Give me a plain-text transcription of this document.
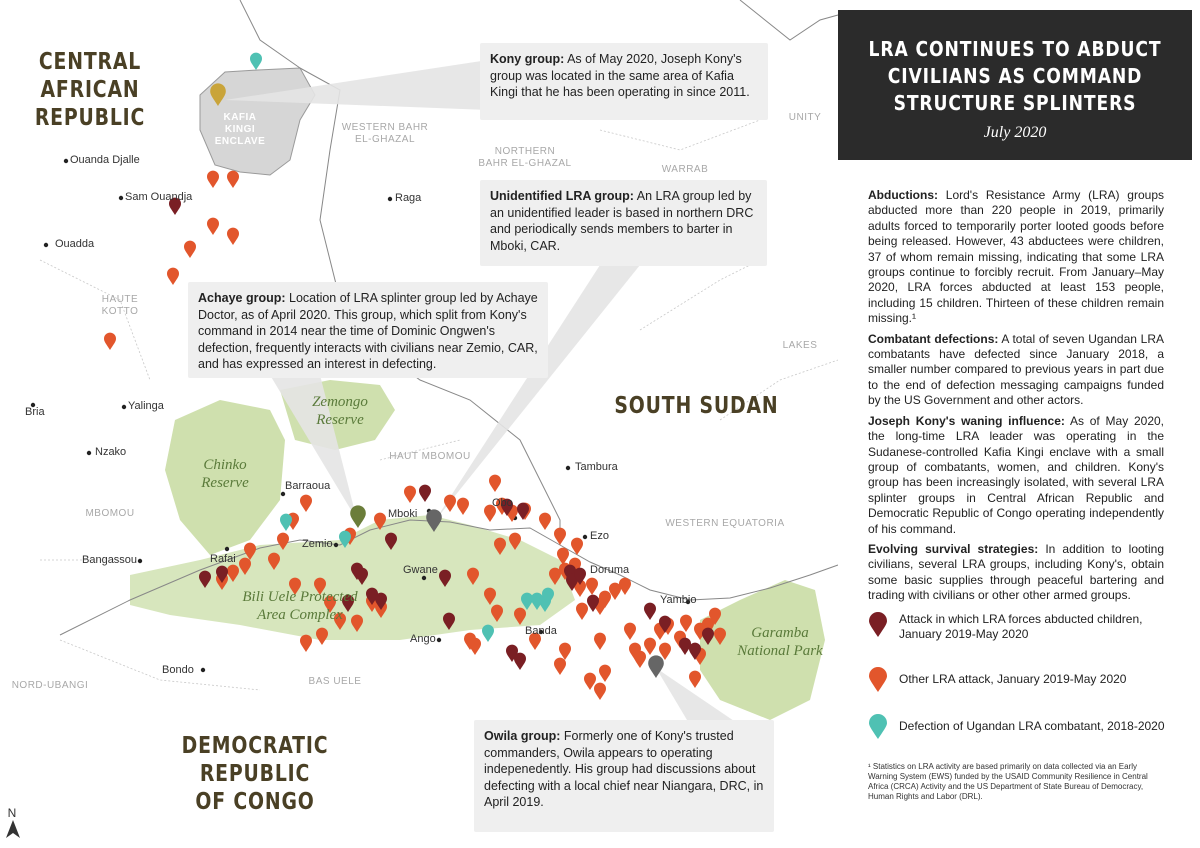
CENTRAL AFRICAN
REPUBLIC
SOUTH SUDAN
DEMOCRATIC REPUBLIC
OF CONGO
KAFIA
KINGI
ENCLAVE
WESTERN BAHR
EL-GHAZAL
NORTHERN
BAHR EL-GHAZAL
WARRAB
UNITY
LAKES
HAUTE
KOTTO
HAUT MBOMOU
MBOMOU
WESTERN EQUATORIA
BAS UELE
NORD-UBANGI
Zemongo
Reserve
Chinko
Reserve
Bili Uele Protected
Area Complex
Garamba
National Park
Ouanda Djalle
Sam Ouandja
Ouadda
Raga
Bria	Yalinga
Nzako
Barraoua
Mboki
Obo
Tambura
Ezo
Zemio
Rafai
Bangassou
Gwane	Doruma
Yambio
Banda
Ango
Bondo
Kony group: As of May 2020, Joseph Kony's group was located in the same area of Kafia Kingi that he has been operating in since 2011.
Unidentified LRA group: An LRA group led by an unidentified leader is based in northern DRC and periodically sends members to barter in Mboki, CAR.
Achaye group: Location of LRA splinter group led by Achaye Doctor, as of April 2020. This group, which split from Kony's command in 2014 near the time of Dominic Ongwen's defection, frequently interacts with civilians near Zemio, CAR, and has expressed an interest in defecting.
Owila group: Formerly one of Kony's trusted commanders, Owila appears to operating indepenedently. His group had discussions about defecting with a local chief near Niangara, DRC, in April 2019.
N
LRA CONTINUES TO ABDUCT
CIVILIANS AS COMMAND
STRUCTURE SPLINTERS
July 2020

Abductions: Lord's Resistance Army (LRA) groups abducted more than 220 people in 2019, primarily adults forced to temporarily porter looted goods before being released. However, 43 abductees were children, 37 of whom remain missing, indicating that some LRA groups continue to forcibly recruit. From January–May 2020, LRA forces abducted at least 153 people, including 15 children. Thirteen of these children remain missing.¹

Combatant defections: A total of seven Ugandan LRA combatants have defected since January 2018, a smaller number compared to previous years in part due to the end of defection messaging campaigns funded by the US Government and other actors.

Joseph Kony's waning influence: As of May 2020, the long-time LRA leader was operating in the Sudanese-controlled Kafia Kingi enclave with a small group of combatants, women, and children. Kony's group has been increasingly isolated, with several LRA splinter groups in Central African Republic and Democratic Republic of Congo operating independently of his command.

Evolving survival strategies: In addition to looting civilians, several LRA groups, including Kony's, obtain some basic supplies through peaceful bartering and trading with civilians or other other armed groups.

Attack in which LRA forces abducted children, January 2019-May 2020
Other LRA attack, January 2019-May 2020
Defection of Ugandan LRA combatant, 2018-2020
¹ Statistics on LRA activity are based primarily on data collected via an Early Warning System (EWS) funded by the USAID Community Resilience in Central Africa (CRCA) Activity and the US Department of State Bureau of Democracy, Human Rights and Labor (DRL).
